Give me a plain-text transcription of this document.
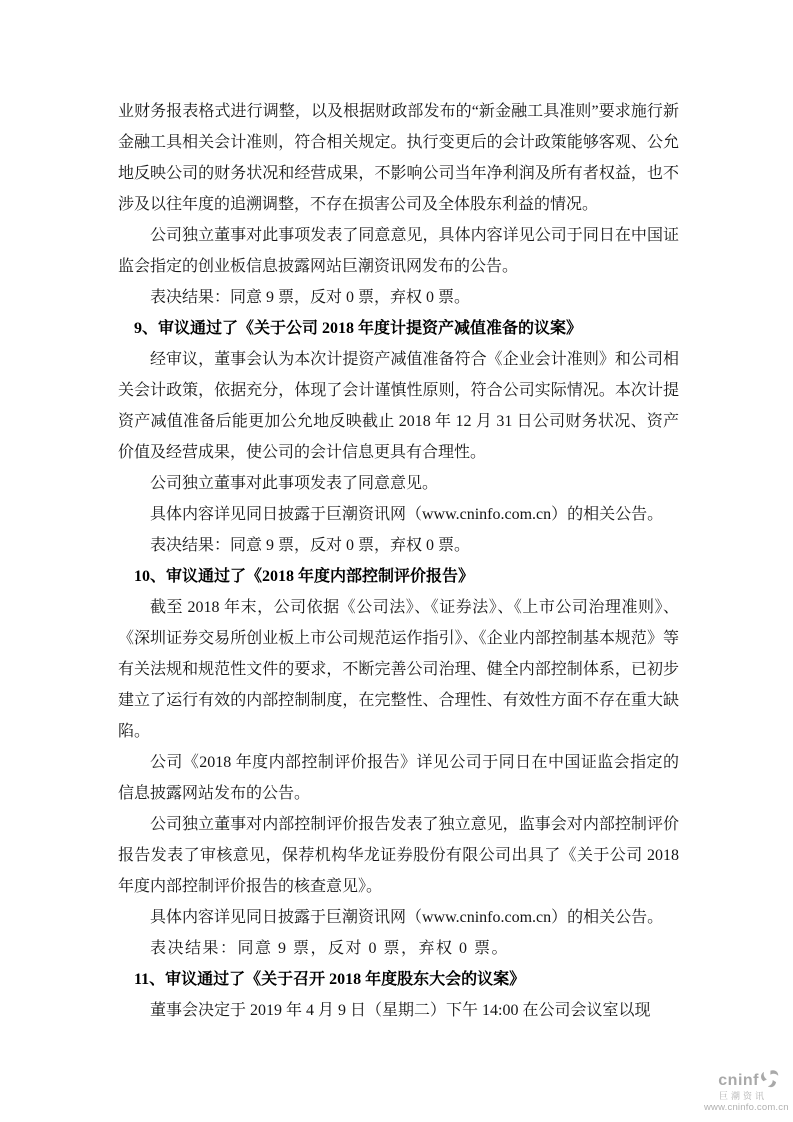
业财务报表格式进行调整，以及根据财政部发布的“新金融工具准则”要求施行新金融工具相关会计准则，符合相关规定。执行变更后的会计政策能够客观、公允地反映公司的财务状况和经营成果，不影响公司当年净利润及所有者权益，也不涉及以往年度的追溯调整，不存在损害公司及全体股东利益的情况。

公司独立董事对此事项发表了同意意见，具体内容详见公司于同日在中国证监会指定的创业板信息披露网站巨潮资讯网发布的公告。

表决结果：同意 9 票，反对 0 票，弃权 0 票。

9、审议通过了《关于公司 2018 年度计提资产减值准备的议案》

经审议，董事会认为本次计提资产减值准备符合《企业会计准则》和公司相关会计政策，依据充分，体现了会计谨慎性原则，符合公司实际情况。本次计提资产减值准备后能更加公允地反映截止 2018 年 12 月 31 日公司财务状况、资产价值及经营成果，使公司的会计信息更具有合理性。

公司独立董事对此事项发表了同意意见。

具体内容详见同日披露于巨潮资讯网（www.cninfo.com.cn）的相关公告。

表决结果：同意 9 票，反对 0 票，弃权 0 票。

10、审议通过了《2018 年度内部控制评价报告》

截至 2018 年末，公司依据《公司法》、《证券法》、《上市公司治理准则》、《深圳证券交易所创业板上市公司规范运作指引》、《企业内部控制基本规范》等有关法规和规范性文件的要求，不断完善公司治理、健全内部控制体系，已初步建立了运行有效的内部控制制度，在完整性、合理性、有效性方面不存在重大缺陷。

公司《2018 年度内部控制评价报告》详见公司于同日在中国证监会指定的信息披露网站发布的公告。

公司独立董事对内部控制评价报告发表了独立意见，监事会对内部控制评价报告发表了审核意见，保荐机构华龙证券股份有限公司出具了《关于公司 2018 年度内部控制评价报告的核查意见》。

具体内容详见同日披露于巨潮资讯网（www.cninfo.com.cn）的相关公告。

表决结果：同意 9 票，反对 0 票，弃权 0 票。

11、审议通过了《关于召开 2018 年度股东大会的议案》

董事会决定于 2019 年 4 月 9 日（星期二）下午 14:00 在公司会议室以现

cninf
巨潮资讯
www.cninfo.com.cn
